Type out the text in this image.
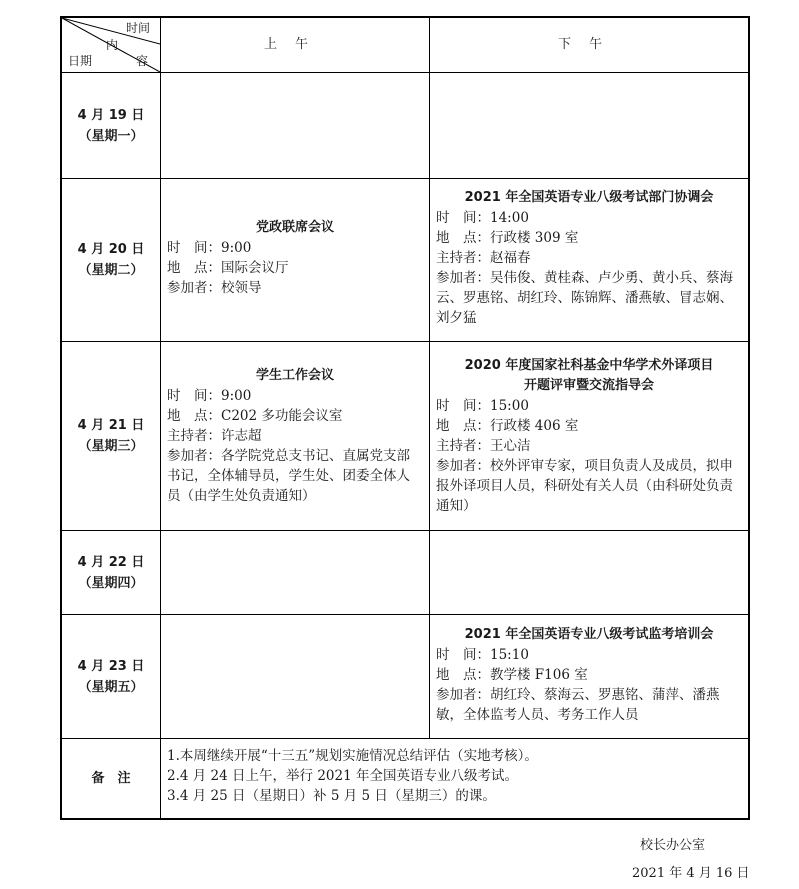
时间
内
容
日期
上午	下午
4 月 19 日
（星期一）
4 月 20 日
（星期二）
4 月 21 日
（星期三）
4 月 22 日
（星期四）
4 月 23 日
（星期五）
党政联席会议
时　间：9:00
地　点：国际会议厅
参加者：校领导
2021 年全国英语专业八级考试部门协调会
时　间：14:00
地　点：行政楼 309 室
主持者：赵福春
参加者：吴伟俊、黄桂森、卢少勇、黄小兵、蔡海云、罗惠铭、胡红玲、陈锦辉、潘燕敏、冒志娴、刘夕猛
学生工作会议
时　间：9:00
地　点：C202 多功能会议室
主持者：许志超
参加者：各学院党总支书记、直属党支部书记，全体辅导员，学生处、团委全体人员（由学生处负责通知）
2020 年度国家社科基金中华学术外译项目
开题评审暨交流指导会
时　间：15:00
地　点：行政楼 406 室
主持者：王心洁
参加者：校外评审专家，项目负责人及成员，拟申报外译项目人员，科研处有关人员（由科研处负责通知）
2021 年全国英语专业八级考试监考培训会
时　间：15:10
地　点：教学楼 F106 室
参加者：胡红玲、蔡海云、罗惠铭、蒲萍、潘燕敏，全体监考人员、考务工作人员
备　注
1.本周继续开展“十三五”规划实施情况总结评估（实地考核）。
2.4 月 24 日上午，举行 2021 年全国英语专业八级考试。
3.4 月 25 日（星期日）补 5 月 5 日（星期三）的课。
校长办公室
2021 年 4 月 16 日
